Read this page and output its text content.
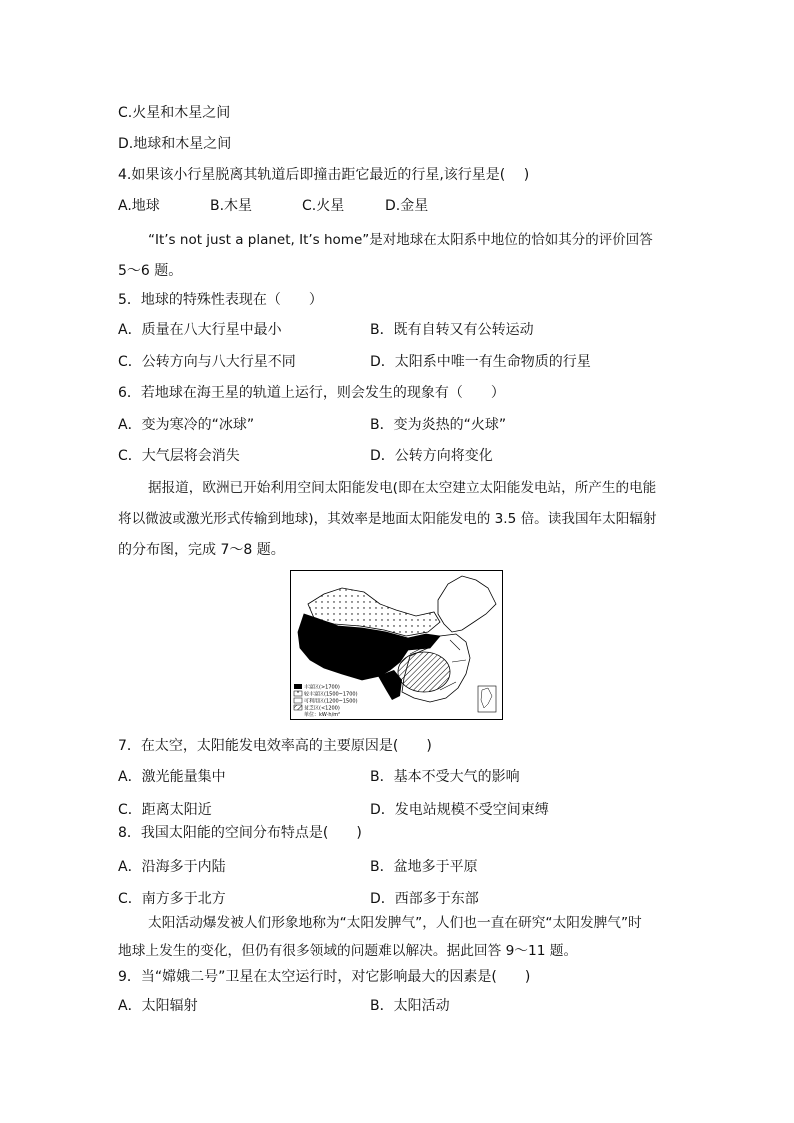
C.火星和木星之间
D.地球和木星之间
4.如果该小行星脱离其轨道后即撞击距它最近的行星,该行星是(　 )
A.地球	B.木星	C.火星	D.金星
“It’s not just a planet, It’s home”是对地球在太阳系中地位的恰如其分的评价回答
5～6 题。
5．地球的特殊性表现在（　　）
A．质量在八大行星中最小	B．既有自转又有公转运动
C．公转方向与八大行星不同	D．太阳系中唯一有生命物质的行星
6．若地球在海王星的轨道上运行，则会发生的现象有（　　）
A．变为寒冷的“冰球”	B．变为炎热的“火球”
C．大气层将会消失	D．公转方向将变化
据报道，欧洲已开始利用空间太阳能发电(即在太空建立太阳能发电站，所产生的电能
将以微波或激光形式传输到地球)，其效率是地面太阳能发电的 3.5 倍。读我国年太阳辐射
的分布图，完成 7～8 题。
丰富区(>1700)
较丰富区(1500~1700)
可利用区(1200~1500)
贫乏区(<1200)
单位：kW·h/m²
7．在太空，太阳能发电效率高的主要原因是(　　)
A．激光能量集中	B．基本不受大气的影响
C．距离太阳近	D．发电站规模不受空间束缚
8．我国太阳能的空间分布特点是(　　)
A．沿海多于内陆	B．盆地多于平原
C．南方多于北方	D．西部多于东部
太阳活动爆发被人们形象地称为“太阳发脾气”，人们也一直在研究“太阳发脾气”时
地球上发生的变化，但仍有很多领域的问题难以解决。据此回答 9～11 题。
9．当“嫦娥二号”卫星在太空运行时，对它影响最大的因素是(　　)
A．太阳辐射	B．太阳活动
